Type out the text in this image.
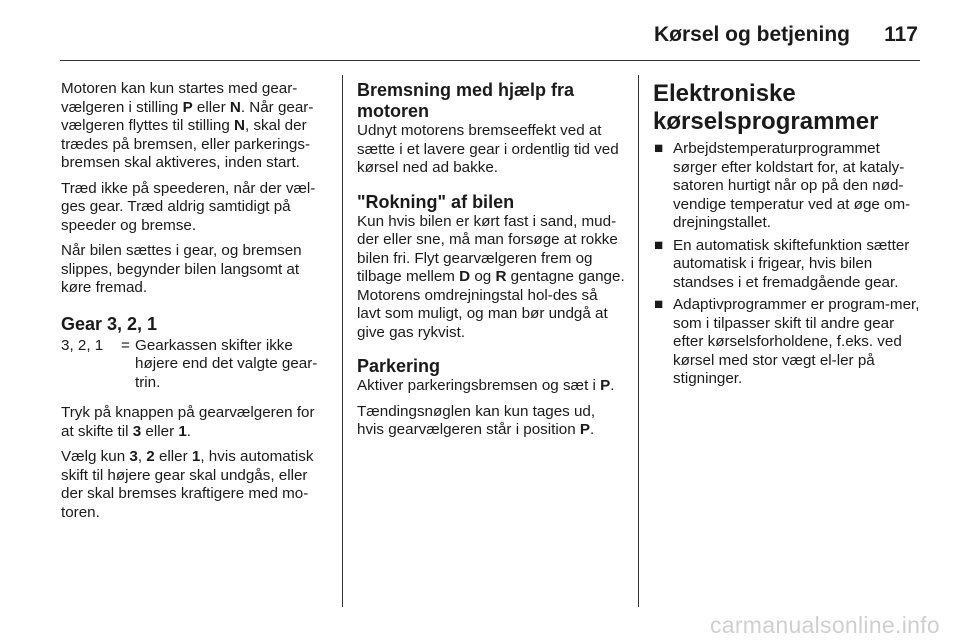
Kørsel og betjening 117

Motoren kan kun startes med gear-vælgeren i stilling P eller N. Når gear-vælgeren flyttes til stilling N, skal der trædes på bremsen, eller parkerings-bremsen skal aktiveres, inden start.

Træd ikke på speederen, når der væl-ges gear. Træd aldrig samtidigt på speeder og bremse.

Når bilen sættes i gear, og bremsen slippes, begynder bilen langsomt at køre fremad.

Gear 3, 2, 1
3, 2, 1	= Gearkassen skifter ikke højere end det valgte gear-trin.

Tryk på knappen på gearvælgeren for at skifte til 3 eller 1.

Vælg kun 3, 2 eller 1, hvis automatisk skift til højere gear skal undgås, eller der skal bremses kraftigere med mo-toren.

Bremsning med hjælp fra motoren

Udnyt motorens bremseeffekt ved at sætte i et lavere gear i ordentlig tid ved kørsel ned ad bakke.

"Rokning" af bilen

Kun hvis bilen er kørt fast i sand, mud-der eller sne, må man forsøge at rokke bilen fri. Flyt gearvælgeren frem og tilbage mellem D og R gentagne gange. Motorens omdrejningstal hol-des så lavt som muligt, og man bør undgå at give gas rykvist.

Parkering

Aktiver parkeringsbremsen og sæt i P.

Tændingsnøglen kan kun tages ud, hvis gearvælgeren står i position P.

Elektroniske kørselsprogrammer
■ Arbejdstemperaturprogrammet sørger efter koldstart for, at kataly-satoren hurtigt når op på den nød-vendige temperatur ved at øge om-drejningstallet.
■ En automatisk skiftefunktion sætter automatisk i frigear, hvis bilen standses i et fremadgående gear.
■ Adaptivprogrammer er program-mer, som i tilpasser skift til andre gear efter kørselsforholdene, f.eks. ved kørsel med stor vægt el-ler på stigninger.
carmanualsonline.info
